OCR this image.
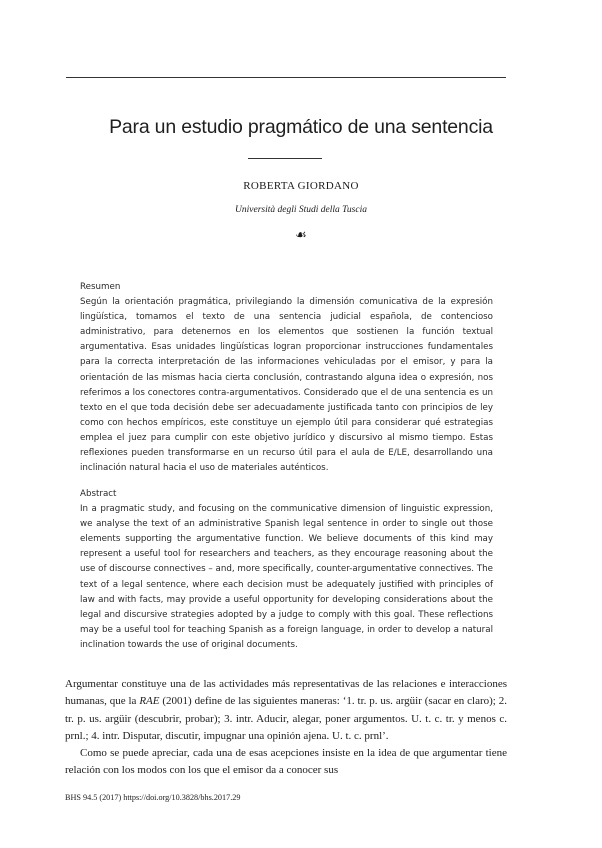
Para un estudio pragmático de una sentencia
ROBERTA GIORDANO
Università degli Studi della Tuscia
☙
Resumen
Según la orientación pragmática, privilegiando la dimensión comunicativa de la expresión lingüística, tomamos el texto de una sentencia judicial española, de contencioso administrativo, para detenernos en los elementos que sostienen la función textual argumentativa. Esas unidades lingüísticas logran proporcionar instrucciones fundamentales para la correcta interpretación de las informaciones vehiculadas por el emisor, y para la orientación de las mismas hacia cierta conclusión, contrastando alguna idea o expresión, nos referimos a los conectores contra-argumentativos. Considerado que el de una sentencia es un texto en el que toda decisión debe ser adecuadamente justificada tanto con principios de ley como con hechos empíricos, este constituye un ejemplo útil para considerar qué estrategias emplea el juez para cumplir con este objetivo jurídico y discursivo al mismo tiempo. Estas reflexiones pueden transformarse en un recurso útil para el aula de E/LE, desarrollando una inclinación natural hacia el uso de materiales auténticos.
Abstract
In a pragmatic study, and focusing on the communicative dimension of linguistic expression, we analyse the text of an administrative Spanish legal sentence in order to single out those elements supporting the argumentative function. We believe documents of this kind may represent a useful tool for researchers and teachers, as they encourage reasoning about the use of discourse connectives – and, more specifically, counter-argumentative connectives. The text of a legal sentence, where each decision must be adequately justified with principles of law and with facts, may provide a useful opportunity for developing considerations about the legal and discursive strategies adopted by a judge to comply with this goal. These reflections may be a useful tool for teaching Spanish as a foreign language, in order to develop a natural inclination towards the use of original documents.

Argumentar constituye una de las actividades más representativas de las relaciones e interacciones humanas, que la RAE (2001) define de las siguientes maneras: ‘1. tr. p. us. argüir (sacar en claro); 2. tr. p. us. argüir (descubrir, probar); 3. intr. Aducir, alegar, poner argumentos. U. t. c. tr. y menos c. prnl.; 4. intr. Disputar, discutir, impugnar una opinión ajena. U. t. c. prnl’.

Como se puede apreciar, cada una de esas acepciones insiste en la idea de que argumentar tiene relación con los modos con los que el emisor da a conocer sus

BHS 94.5 (2017) https://doi.org/10.3828/bhs.2017.29
